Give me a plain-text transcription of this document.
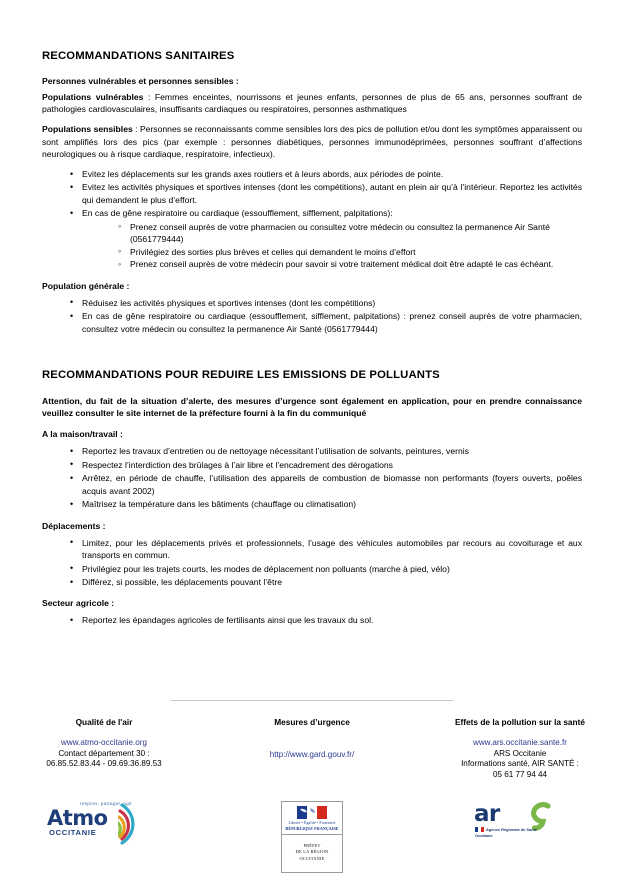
RECOMMANDATIONS SANITAIRES
Personnes vulnérables et personnes sensibles :

Populations vulnérables : Femmes enceintes, nourrissons et jeunes enfants, personnes de plus de 65 ans, personnes souffrant de pathologies cardiovasculaires, insuffisants cardiaques ou respiratoires, personnes asthmatiques

Populations sensibles : Personnes se reconnaissants comme sensibles lors des pics de pollution et/ou dont les symptômes apparaissent ou sont amplifiés lors des pics (par exemple : personnes diabétiques, personnes immunodéprimées, personnes souffrant d’affections neurologiques ou à risque cardiaque, respiratoire, infectieux).

• Evitez les déplacements sur les grands axes routiers et à leurs abords, aux périodes de pointe.
• Evitez les activités physiques et sportives intenses (dont les compétitions), autant en plein air qu’à l’intérieur. Reportez les activités qui demandent le plus d’effort.
• En cas de gêne respiratoire ou cardiaque (essoufflement, sifflement, palpitations):
◦ Prenez conseil auprès de votre pharmacien ou consultez votre médecin ou consultez la permanence Air Santé (0561779444)
◦ Privilégiez des sorties plus brèves et celles qui demandent le moins d’effort
◦ Prenez conseil auprès de votre médecin pour savoir si votre traitement médical doit être adapté le cas échéant.
Population générale :
• Réduisez les activités physiques et sportives intenses (dont les compétitions)
• En cas de gêne respiratoire ou cardiaque (essoufflement, sifflement, palpitations) : prenez conseil auprès de votre pharmacien, consultez votre médecin ou consultez la permanence Air Santé (0561779444)
RECOMMANDATIONS POUR REDUIRE LES EMISSIONS DE POLLUANTS

Attention, du fait de la situation d’alerte, des mesures d’urgence sont également en application, pour en prendre connaissance veuillez consulter le site internet de la préfecture fourni à la fin du communiqué

A la maison/travail :
• Reportez les travaux d’entretien ou de nettoyage nécessitant l’utilisation de solvants, peintures, vernis
• Respectez l’interdiction des brûlages à l’air libre et l’encadrement des dérogations
• Arrêtez, en période de chauffe, l’utilisation des appareils de combustion de biomasse non performants (foyers ouverts, poêles acquis avant 2002)
• Maîtrisez la température dans les bâtiments (chauffage ou climatisation)
Déplacements :
• Limitez, pour les déplacements privés et professionnels, l’usage des véhicules automobiles par recours au covoiturage et aux transports en commun.
• Privilégiez pour les trajets courts, les modes de déplacement non polluants (marche à pied, vélo)
• Différez, si possible, les déplacements pouvant l’être
Secteur agricole :
• Reportez les épandages agricoles de fertilisants ainsi que les travaux du sol.
Qualité de l'air
www.atmo-occitanie.org
Contact département 30 :
06.85.52.83.44 - 09.69.36.89.53
Mesures d’urgence
http://www.gard.gouv.fr/
Effets de la pollution sur la santé
www.ars.occitanie.sante.fr
ARS Occitanie
Informations santé, AIR SANTÉ :
05 61 77 94 44
respirer, partager, agir
Atmo
OCCITANIE
Liberté • Égalité • Fraternité
RÉPUBLIQUE FRANÇAISE
PRÉFET
DE LA RÉGION
OCCITANIE
ar
Agence Régionale de Santé
Occitanie
